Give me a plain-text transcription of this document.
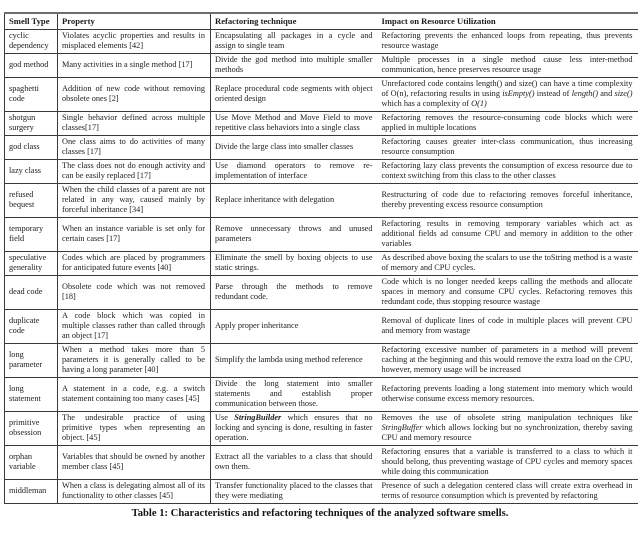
Smell Type	Property	Refactoring technique	Impact on Resource Utilization
cyclic dependency	Violates acyclic properties and results in misplaced elements [42]	Encapsulating all packages in a cycle and assign to single team	Refactoring prevents the enhanced loops from repeating, thus prevents resource wastage
god method	Many activities in a single method [17]	Divide the god method into multiple smaller methods	Multiple processes in a single method cause less inter-method communication, hence preserves resource usage
spaghetti code	Addition of new code without removing obsolete ones [2]	Replace procedural code segments with object oriented design	Unrefactored code contains length() and size() can have a time complexity of O(n), refactoring results in using isEmpty() instead of length() and size() which has a complexity of O(1)
shotgun surgery	Single behavior defined across multiple classes[17]	Use Move Method and Move Field to move repetitive class behaviors into a single class	Refactoring removes the resource-consuming code blocks which were applied in multiple locations
god class	One class aims to do activities of many classes [17]	Divide the large class into smaller classes	Refactoring causes greater inter-class communication, thus increasing resource consumption
lazy class	The class does not do enough activity and can be easily replaced [17]	Use diamond operators to remove re-implementation of interface	Refactoring lazy class prevents the consumption of excess resource due to context switching from this class to the other classes
refused bequest	When the child classes of a parent are not related in any way, caused mainly by forceful inheritance [34]	Replace inheritance with delegation	Restructuring of code due to refactoring removes forceful inheritance, thereby preventing excess resource consumption
temporary field	When an instance variable is set only for certain cases [17]	Remove unnecessary throws and unused parameters	Refactoring results in removing temporary variables which act as additional fields ad consume CPU and memory in addition to the other variables
speculative generality	Codes which are placed by programmers for anticipated future events [40]	Eliminate the smell by boxing objects to use static strings.	As described above boxing the scalars to use the toString method is a waste of memory and CPU cycles.
dead code	Obsolete code which was not removed [18]	Parse through the methods to remove redundant code.	Code which is no longer needed keeps calling the methods and allocate spaces in memory and consume CPU cycles. Refactoring removes this redundant code, thus stopping resource wastage
duplicate code	A code block which was copied in multiple classes rather than called through an object [17]	Apply proper inheritance	Removal of duplicate lines of code in multiple places will prevent CPU and memory from wastage
long parameter	When a method takes more than 5 parameters it is generally called to be having a long parameter [40]	Simplify the lambda using method reference	Refactoring excessive number of parameters in a method will prevent caching at the beginning and this would remove the extra load on the CPU, however, memory usage will be increased
long statement	A statement in a code, e.g. a switch statement containing too many cases [45]	Divide the long statement into smaller statements and establish proper communication between those.	Refactoring prevents loading a long statement into memory which would otherwise consume excess memory resources.
primitive obsession	The undesirable practice of using primitive types when representing an object. [45]	Use StringBuilder which ensures that no locking and syncing is done, resulting in faster operation.	Removes the use of obsolete string manipulation techniques like StringBuffer which allows locking but no synchronization, thereby saving CPU and memory resource
orphan variable	Variables that should be owned by another member class [45]	Extract all the variables to a class that should own them.	Refactoring ensures that a variable is transferred to a class to which it should belong, thus preventing wastage of CPU cycles and memory spaces while doing this communication
middleman	When a class is delegating almost all of its functionality to other classes [45]	Transfer functionality placed to the classes that they were mediating	Presence of such a delegation centered class will create extra overhead in terms of resource consumption which is prevented by refactoring
Table 1: Characteristics and refactoring techniques of the analyzed software smells.
